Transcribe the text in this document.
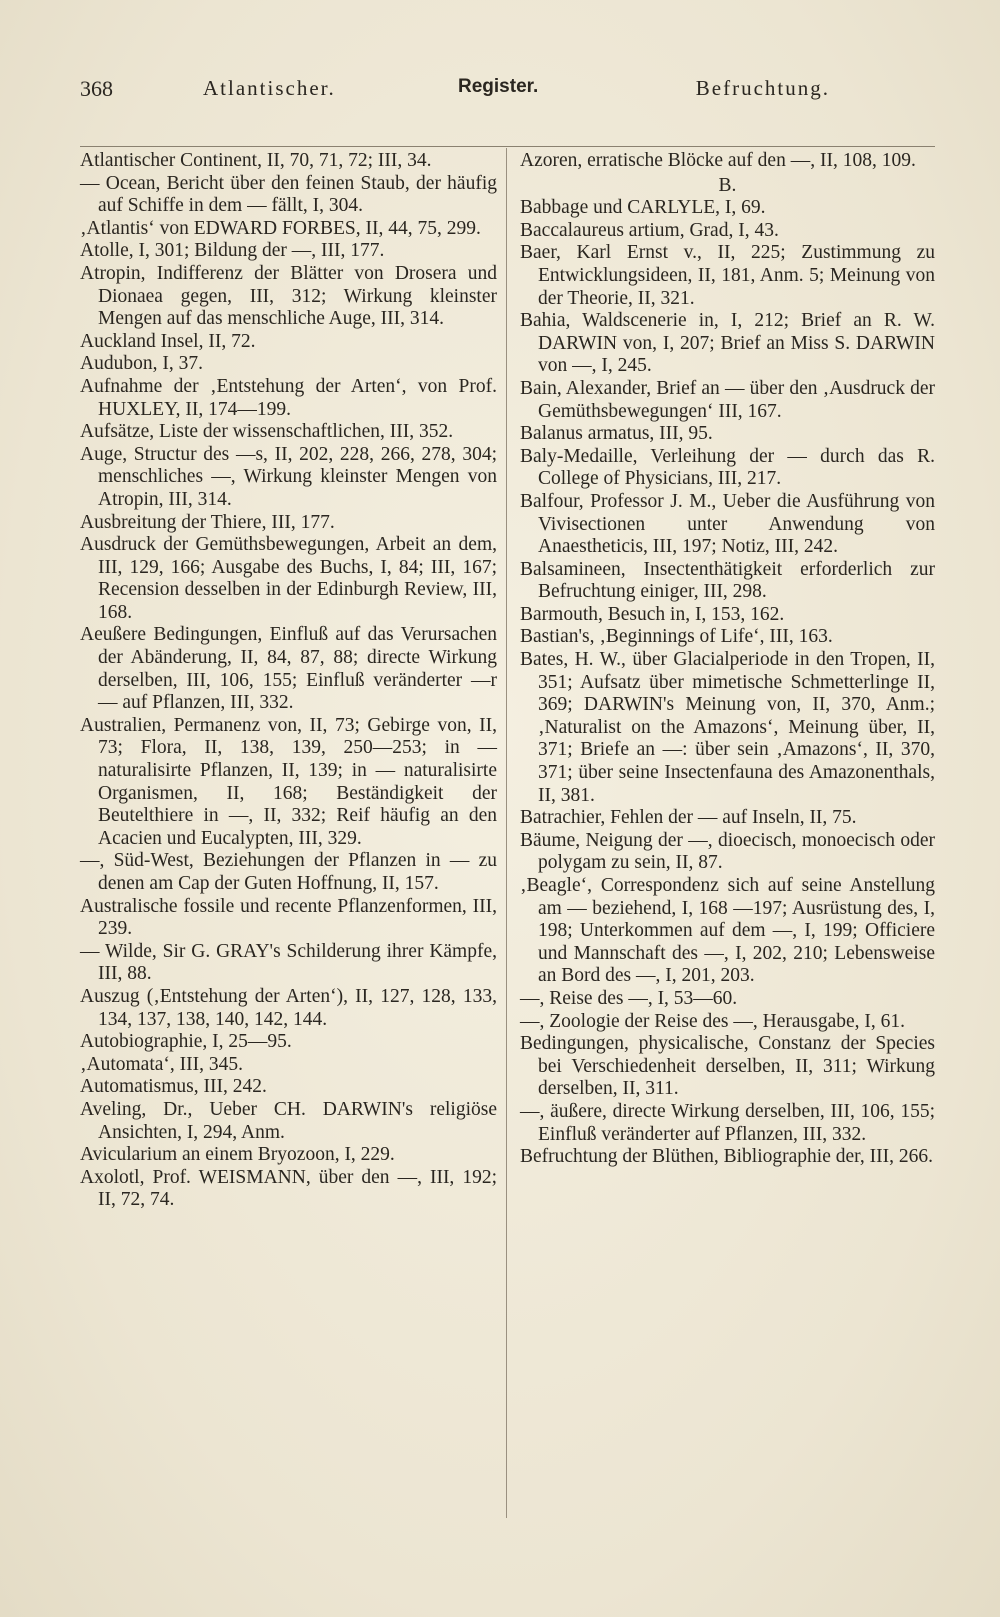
368	Atlantischer.	Register.	Befruchtung.

Atlantischer Continent, II, 70, 71, 72; III, 34.

— Ocean, Bericht über den feinen Staub, der häufig auf Schiffe in dem — fällt, I, 304.

‚Atlantis‘ von EDWARD FORBES, II, 44, 75, 299.

Atolle, I, 301; Bildung der —, III, 177.

Atropin, Indifferenz der Blätter von Drosera und Dionaea gegen, III, 312; Wirkung kleinster Mengen auf das menschliche Auge, III, 314.

Auckland Insel, II, 72.

Audubon, I, 37.

Aufnahme der ‚Entstehung der Arten‘, von Prof. HUXLEY, II, 174—199.

Aufsätze, Liste der wissenschaftlichen, III, 352.

Auge, Structur des —s, II, 202, 228, 266, 278, 304; menschliches —, Wirkung kleinster Mengen von Atropin, III, 314.

Ausbreitung der Thiere, III, 177.

Ausdruck der Gemüthsbewegungen, Arbeit an dem, III, 129, 166; Ausgabe des Buchs, I, 84; III, 167; Recension desselben in der Edinburgh Review, III, 168.

Aeußere Bedingungen, Einfluß auf das Verursachen der Abänderung, II, 84, 87, 88; directe Wirkung derselben, III, 106, 155; Einfluß veränderter —r — auf Pflanzen, III, 332.

Australien, Permanenz von, II, 73; Gebirge von, II, 73; Flora, II, 138, 139, 250—253; in — naturalisirte Pflanzen, II, 139; in — naturalisirte Organismen, II, 168; Beständigkeit der Beutelthiere in —, II, 332; Reif häufig an den Acacien und Eucalypten, III, 329.

—, Süd-West, Beziehungen der Pflanzen in — zu denen am Cap der Guten Hoffnung, II, 157.

Australische fossile und recente Pflanzenformen, III, 239.

— Wilde, Sir G. GRAY's Schilderung ihrer Kämpfe, III, 88.

Auszug (‚Entstehung der Arten‘), II, 127, 128, 133, 134, 137, 138, 140, 142, 144.

Autobiographie, I, 25—95.

‚Automata‘, III, 345.

Automatismus, III, 242.

Aveling, Dr., Ueber CH. DARWIN's religiöse Ansichten, I, 294, Anm.

Avicularium an einem Bryozoon, I, 229.

Axolotl, Prof. WEISMANN, über den —, III, 192; II, 72, 74.

Azoren, erratische Blöcke auf den —, II, 108, 109.

B.

Babbage und CARLYLE, I, 69.

Baccalaureus artium, Grad, I, 43.

Baer, Karl Ernst v., II, 225; Zustimmung zu Entwicklungsideen, II, 181, Anm. 5; Meinung von der Theorie, II, 321.

Bahia, Waldscenerie in, I, 212; Brief an R. W. DARWIN von, I, 207; Brief an Miss S. DARWIN von —, I, 245.

Bain, Alexander, Brief an — über den ‚Ausdruck der Gemüthsbewegungen‘ III, 167.

Balanus armatus, III, 95.

Baly-Medaille, Verleihung der — durch das R. College of Physicians, III, 217.

Balfour, Professor J. M., Ueber die Ausführung von Vivisectionen unter Anwendung von Anaestheticis, III, 197; Notiz, III, 242.

Balsamineen, Insectenthätigkeit erforderlich zur Befruchtung einiger, III, 298.

Barmouth, Besuch in, I, 153, 162.

Bastian's, ‚Beginnings of Life‘, III, 163.

Bates, H. W., über Glacialperiode in den Tropen, II, 351; Aufsatz über mimetische Schmetterlinge II, 369; DARWIN's Meinung von, II, 370, Anm.; ‚Naturalist on the Amazons‘, Meinung über, II, 371; Briefe an —: über sein ‚Amazons‘, II, 370, 371; über seine Insectenfauna des Amazonenthals, II, 381.

Batrachier, Fehlen der — auf Inseln, II, 75.

Bäume, Neigung der —, dioecisch, monoecisch oder polygam zu sein, II, 87.

‚Beagle‘, Correspondenz sich auf seine Anstellung am — beziehend, I, 168 —197; Ausrüstung des, I, 198; Unterkommen auf dem —, I, 199; Officiere und Mannschaft des —, I, 202, 210; Lebensweise an Bord des —, I, 201, 203.

—, Reise des —, I, 53—60.

—, Zoologie der Reise des —, Herausgabe, I, 61.

Bedingungen, physicalische, Constanz der Species bei Verschiedenheit derselben, II, 311; Wirkung derselben, II, 311.

—, äußere, directe Wirkung derselben, III, 106, 155; Einfluß veränderter auf Pflanzen, III, 332.

Befruchtung der Blüthen, Bibliographie der, III, 266.
